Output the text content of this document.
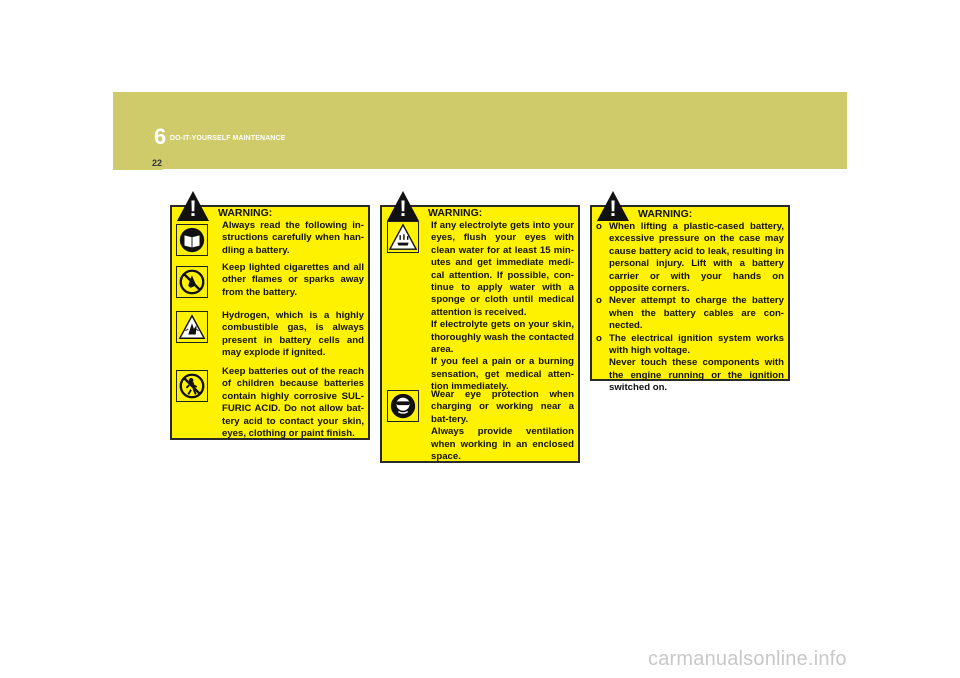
6 DO-IT-YOURSELF MAINTENANCE
22
!	WARNING:

Always read the following in-structions carefully when han-dling a battery.

Keep lighted cigarettes and all other flames or sparks away from the battery.

Hydrogen, which is a highly combustible gas, is always present in battery cells and may explode if ignited.

Keep batteries out of the reach of children because batteries contain highly corrosive SUL-FURIC ACID. Do not allow bat-tery acid to contact your skin, eyes, clothing or paint finish.

!	WARNING:

If any electrolyte gets into your eyes, flush your eyes with clean water for at least 15 min-utes and get immediate medi-cal attention. If possible, con-tinue to apply water with a sponge or cloth until medical attention is received.
If electrolyte gets on your skin, thoroughly wash the contacted area.
If you feel a pain or a burning sensation, get medical atten-tion immediately.

Wear eye protection when charging or working near a bat-tery.
Always provide ventilation when working in an enclosed space.

!	WARNING:
o When lifting a plastic-cased battery, excessive pressure on the case may cause battery acid to leak, resulting in personal injury. Lift with a battery carrier or with your hands on opposite corners.
o Never attempt to charge the battery when the battery cables are con-nected.
o The electrical ignition system works with high voltage.
Never touch these components with the engine running or the ignition switched on.
carmanualsonline.info
